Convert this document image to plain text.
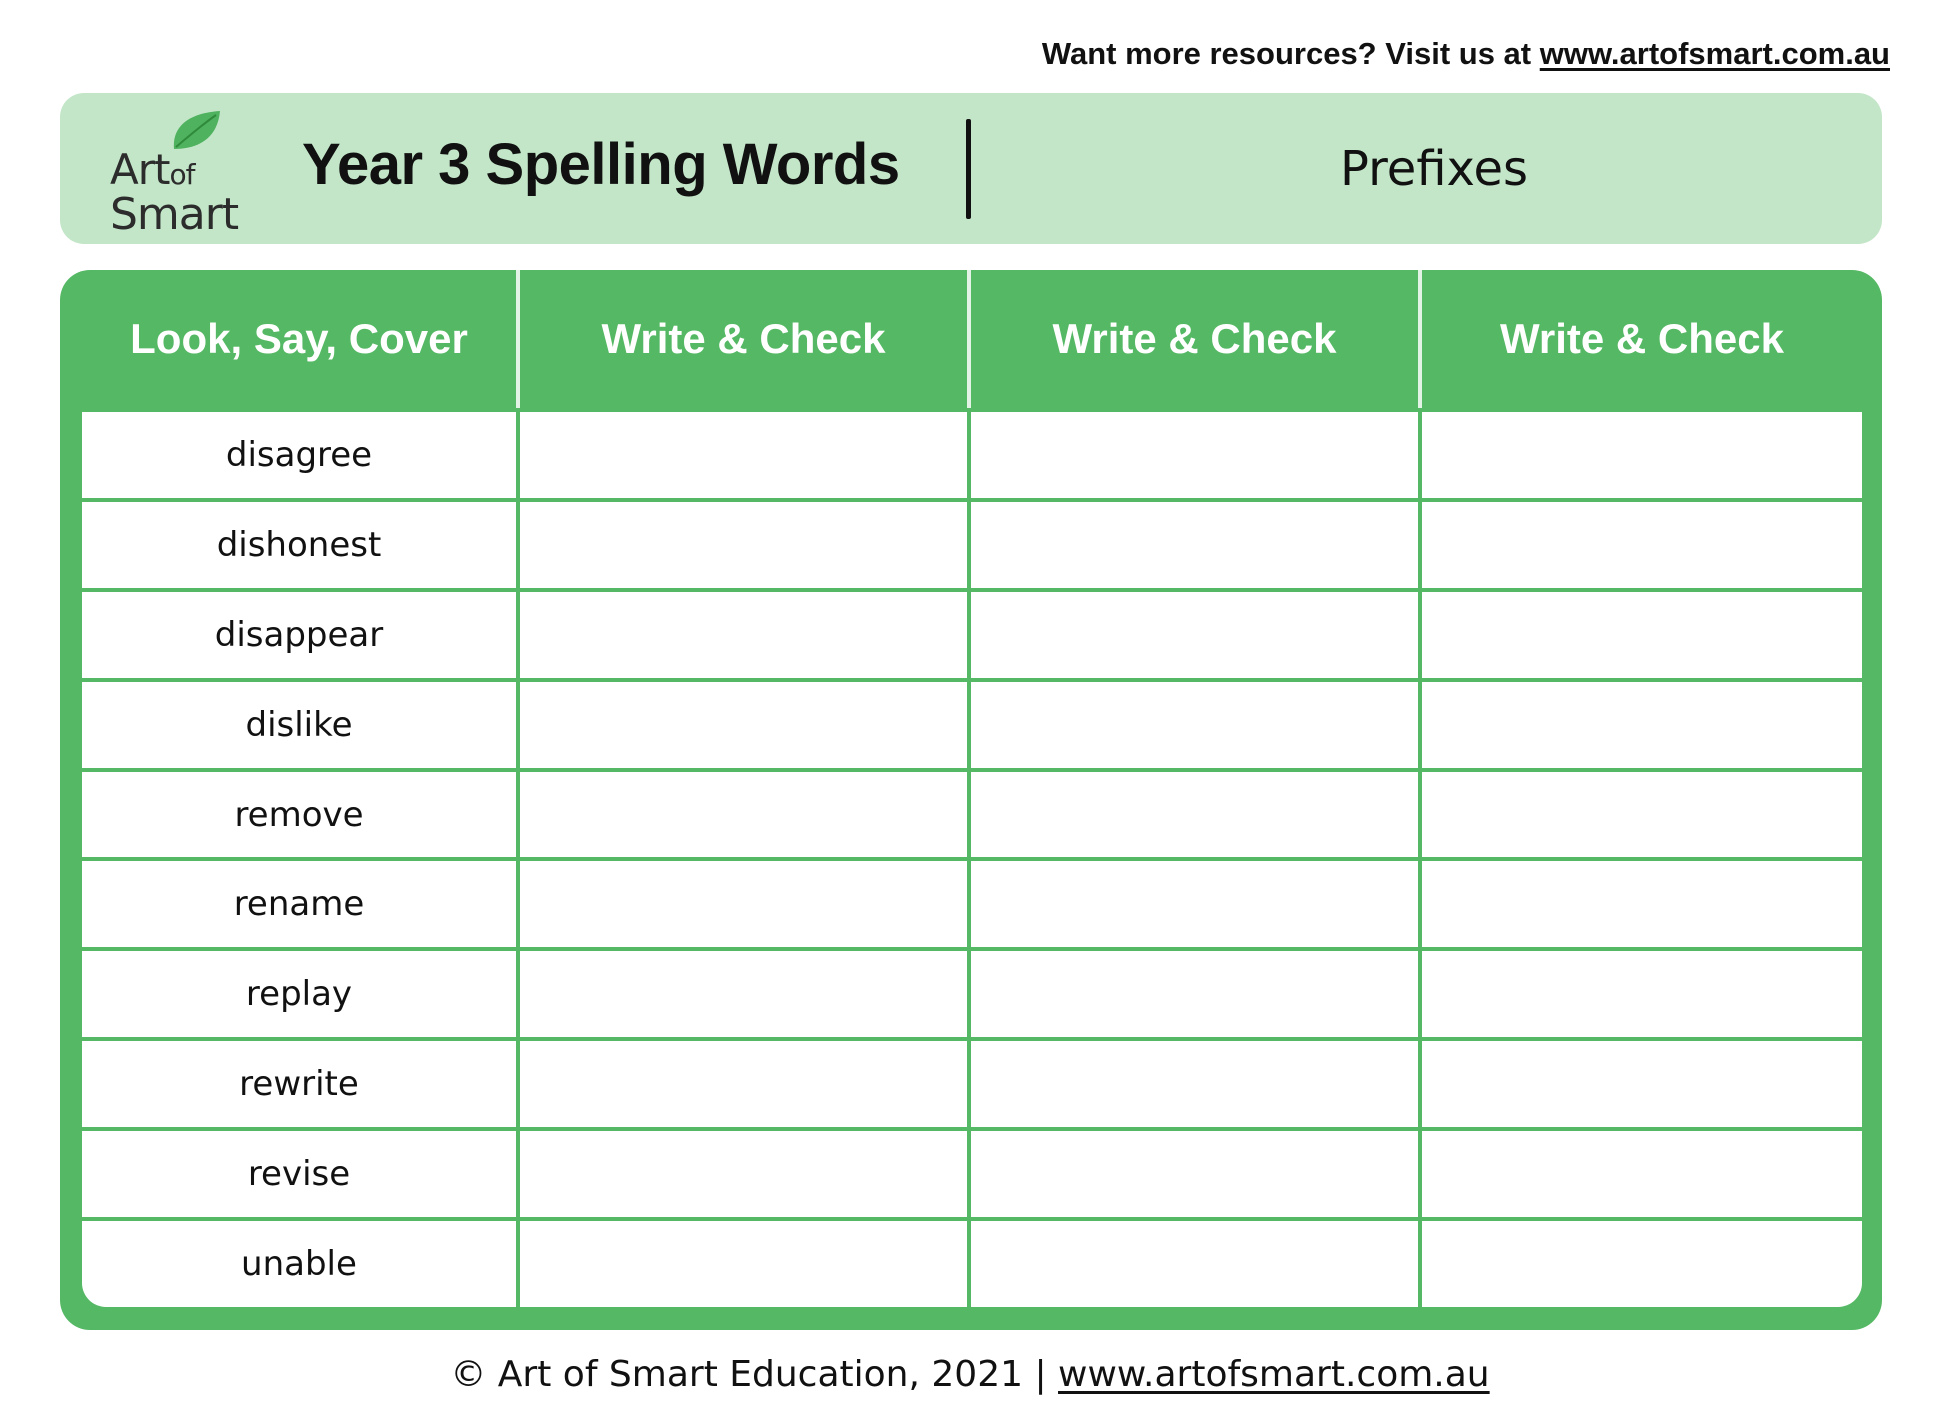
Want more resources? Visit us at www.artofsmart.com.au
Artof
Smart
Year 3 Spelling Words	Prefixes
Look, Say, Cover	Write & Check	Write & Check	Write & Check
disagree
dishonest
disappear
dislike
remove
rename
replay
rewrite
revise
unable
© Art of Smart Education, 2021 | www.artofsmart.com.au
